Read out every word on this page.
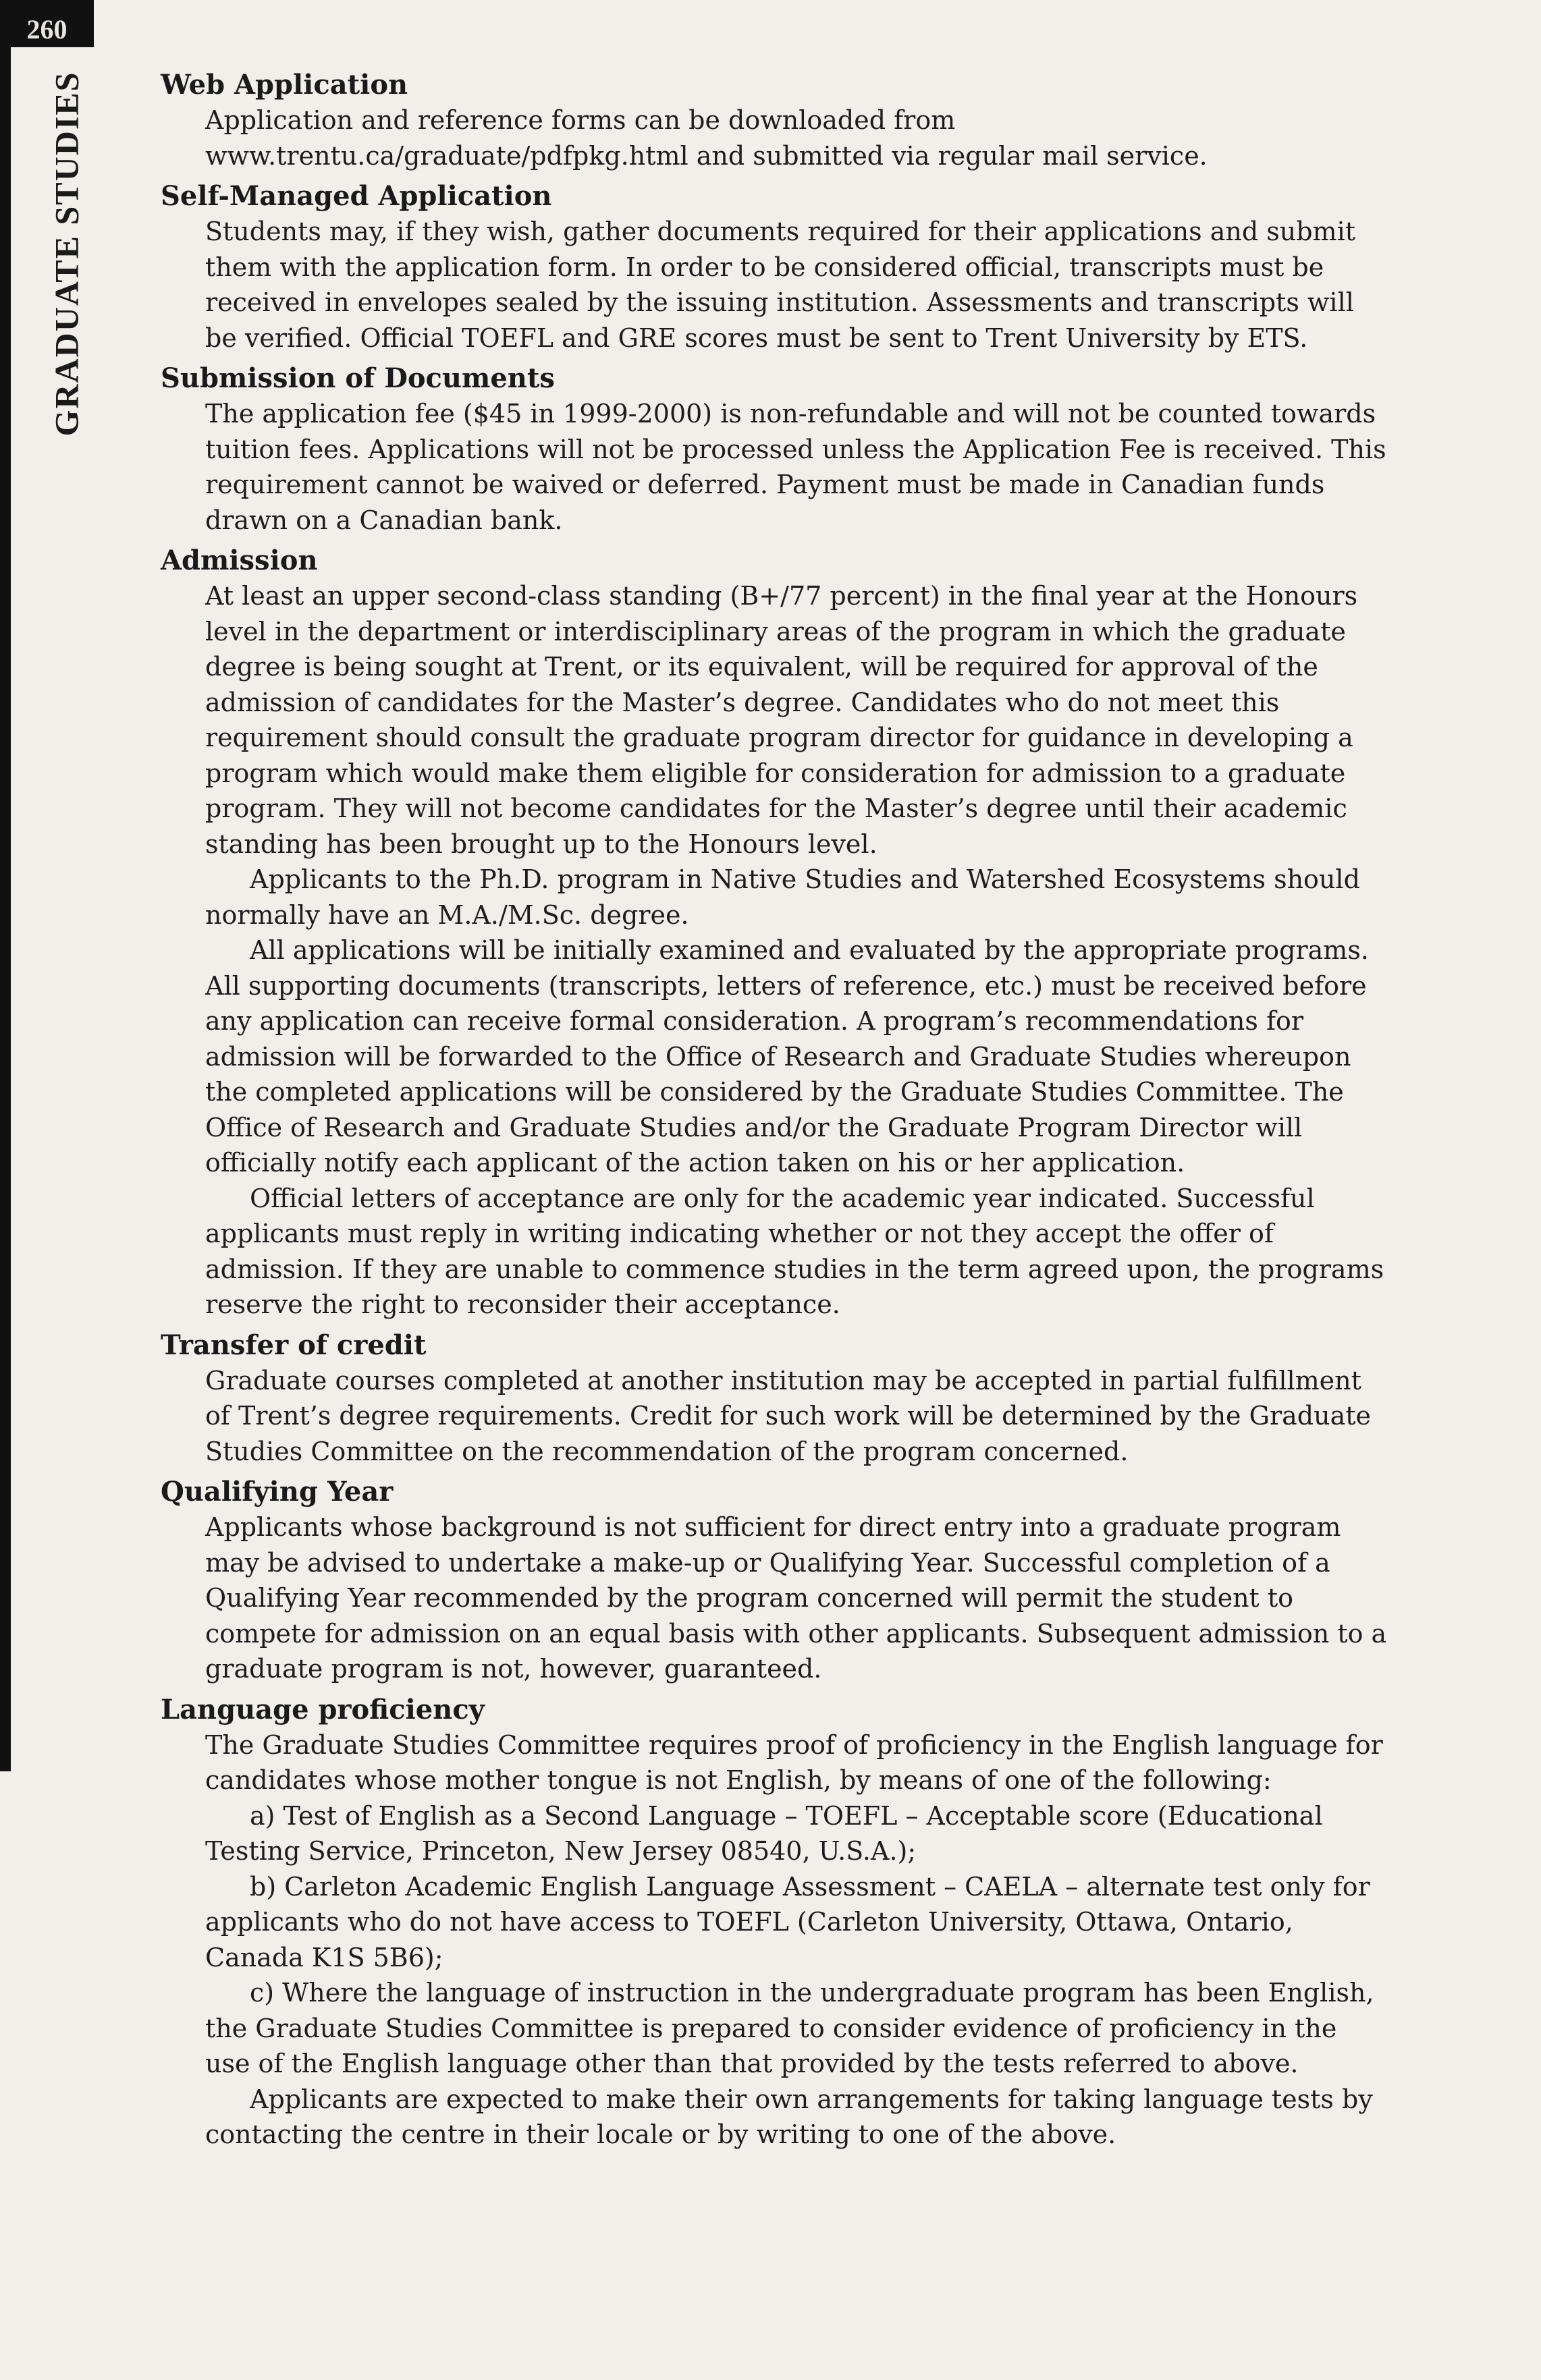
260
GRADUATE STUDIES	Web Application

Application and reference forms can be downloaded from www.trentu.ca/graduate/pdfpkg.html and submitted via regular mail service.

Self-Managed Application

Students may, if they wish, gather documents required for their applications and submit them with the application form. In order to be considered official, transcripts must be received in envelopes sealed by the issuing institution. Assessments and transcripts will be verified. Official TOEFL and GRE scores must be sent to Trent University by ETS.

Submission of Documents

The application fee ($45 in 1999-2000) is non-refundable and will not be counted towards tuition fees. Applications will not be processed unless the Application Fee is received. This requirement cannot be waived or deferred. Payment must be made in Canadian funds drawn on a Canadian bank.

Admission

At least an upper second-class standing (B+/77 percent) in the final year at the Honours level in the department or interdisciplinary areas of the program in which the graduate degree is being sought at Trent, or its equivalent, will be required for approval of the admission of candidates for the Master’s degree. Candidates who do not meet this requirement should consult the graduate program director for guidance in developing a program which would make them eligible for consideration for admission to a graduate program. They will not become candidates for the Master’s degree until their academic standing has been brought up to the Honours level.

Applicants to the Ph.D. program in Native Studies and Watershed Ecosystems should normally have an M.A./M.Sc. degree.

All applications will be initially examined and evaluated by the appropriate programs. All supporting documents (transcripts, letters of reference, etc.) must be received before any application can receive formal consideration. A program’s recommendations for admission will be forwarded to the Office of Research and Graduate Studies whereupon the completed applications will be considered by the Graduate Studies Committee. The Office of Research and Graduate Studies and/or the Graduate Program Director will officially notify each applicant of the action taken on his or her application.

Official letters of acceptance are only for the academic year indicated. Successful applicants must reply in writing indicating whether or not they accept the offer of admission. If they are unable to commence studies in the term agreed upon, the programs reserve the right to reconsider their acceptance.

Transfer of credit

Graduate courses completed at another institution may be accepted in partial fulfillment of Trent’s degree requirements. Credit for such work will be determined by the Graduate Studies Committee on the recommendation of the program concerned.

Qualifying Year

Applicants whose background is not sufficient for direct entry into a graduate program may be advised to undertake a make-up or Qualifying Year. Successful completion of a Qualifying Year recommended by the program concerned will permit the student to compete for admission on an equal basis with other applicants. Subsequent admission to a graduate program is not, however, guaranteed.

Language proficiency

The Graduate Studies Committee requires proof of proficiency in the English language for candidates whose mother tongue is not English, by means of one of the following:

a) Test of English as a Second Language – TOEFL – Acceptable score (Educational Testing Service, Princeton, New Jersey 08540, U.S.A.);

b) Carleton Academic English Language Assessment – CAELA – alternate test only for applicants who do not have access to TOEFL (Carleton University, Ottawa, Ontario, Canada K1S 5B6);

c) Where the language of instruction in the undergraduate program has been English, the Graduate Studies Committee is prepared to consider evidence of proficiency in the use of the English language other than that provided by the tests referred to above.

Applicants are expected to make their own arrangements for taking language tests by contacting the centre in their locale or by writing to one of the above.
